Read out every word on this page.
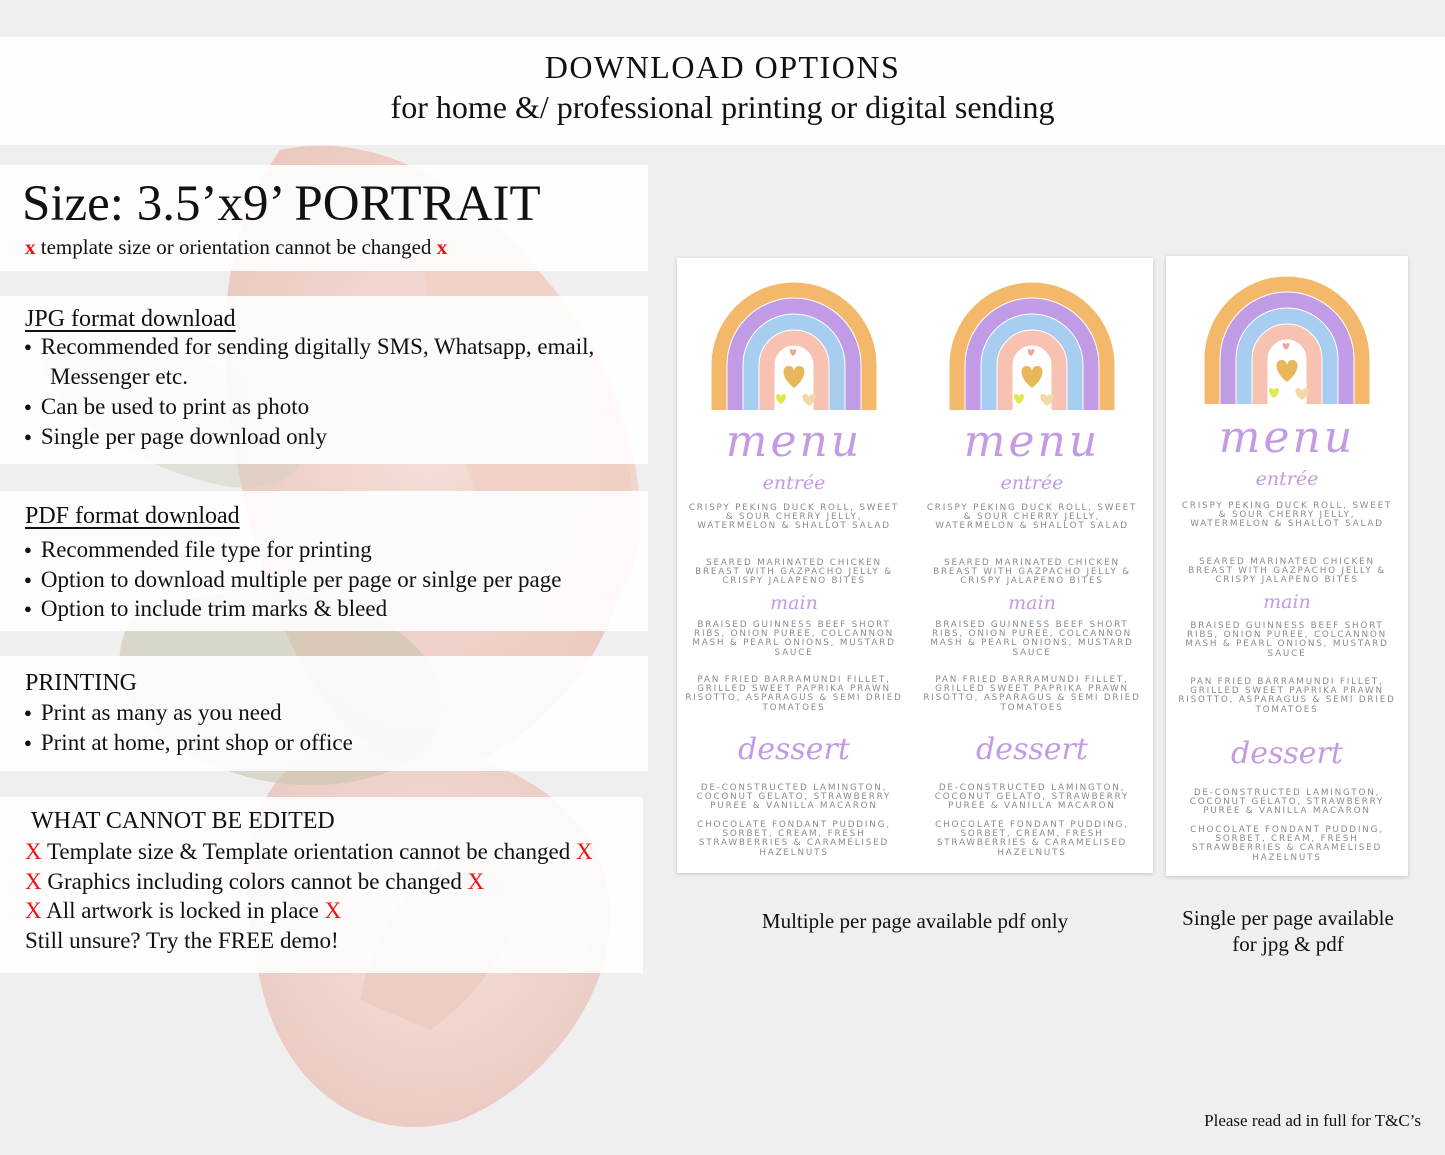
DOWNLOAD OPTIONS
for home &/ professional printing or digital sending
Size: 3.5’x9’ PORTRAIT
x template size or orientation cannot be changed x
JPG format download
● Recommended for sending digitally SMS, Whatsapp, email,
Messenger etc.
● Can be used to print as photo
● Single per page download only
PDF format download
● Recommended file type for printing
● Option to download multiple per page or sinlge per page
● Option to include trim marks & bleed
PRINTING
● Print as many as you need
● Print at home, print shop or office
WHAT CANNOT BE EDITED
X Template size & Template orientation cannot be changed X
X Graphics including colors cannot be changed X
X All artwork is locked in place X
Still unsure? Try the FREE demo!
menu
entrée
CRISPY PEKING DUCK ROLL, SWEET & SOUR CHERRY JELLY, WATERMELON & SHALLOT SALAD
SEARED MARINATED CHICKEN BREAST WITH GAZPACHO JELLY & CRISPY JALAPENO BITES
main
BRAISED GUINNESS BEEF SHORT RIBS, ONION PUREE, COLCANNON MASH & PEARL ONIONS, MUSTARD SAUCE
PAN FRIED BARRAMUNDI FILLET, GRILLED SWEET PAPRIKA PRAWN RISOTTO, ASPARAGUS & SEMI DRIED TOMATOES
dessert
DE-CONSTRUCTED LAMINGTON, COCONUT GELATO, STRAWBERRY PUREE & VANILLA MACARON
CHOCOLATE FONDANT PUDDING, SORBET, CREAM, FRESH STRAWBERRIES & CARAMELISED HAZELNUTS
menu
entrée
CRISPY PEKING DUCK ROLL, SWEET & SOUR CHERRY JELLY, WATERMELON & SHALLOT SALAD
SEARED MARINATED CHICKEN BREAST WITH GAZPACHO JELLY & CRISPY JALAPENO BITES
main
BRAISED GUINNESS BEEF SHORT RIBS, ONION PUREE, COLCANNON MASH & PEARL ONIONS, MUSTARD SAUCE
PAN FRIED BARRAMUNDI FILLET, GRILLED SWEET PAPRIKA PRAWN RISOTTO, ASPARAGUS & SEMI DRIED TOMATOES
dessert
DE-CONSTRUCTED LAMINGTON, COCONUT GELATO, STRAWBERRY PUREE & VANILLA MACARON
CHOCOLATE FONDANT PUDDING, SORBET, CREAM, FRESH STRAWBERRIES & CARAMELISED HAZELNUTS
menu
entrée
CRISPY PEKING DUCK ROLL, SWEET & SOUR CHERRY JELLY, WATERMELON & SHALLOT SALAD
SEARED MARINATED CHICKEN BREAST WITH GAZPACHO JELLY & CRISPY JALAPENO BITES
main
BRAISED GUINNESS BEEF SHORT RIBS, ONION PUREE, COLCANNON MASH & PEARL ONIONS, MUSTARD SAUCE
PAN FRIED BARRAMUNDI FILLET, GRILLED SWEET PAPRIKA PRAWN RISOTTO, ASPARAGUS & SEMI DRIED TOMATOES
dessert
DE-CONSTRUCTED LAMINGTON, COCONUT GELATO, STRAWBERRY PUREE & VANILLA MACARON
CHOCOLATE FONDANT PUDDING, SORBET, CREAM, FRESH STRAWBERRIES & CARAMELISED HAZELNUTS
Multiple per page available pdf only	Single per page available
for jpg & pdf
Please read ad in full for T&C’s
